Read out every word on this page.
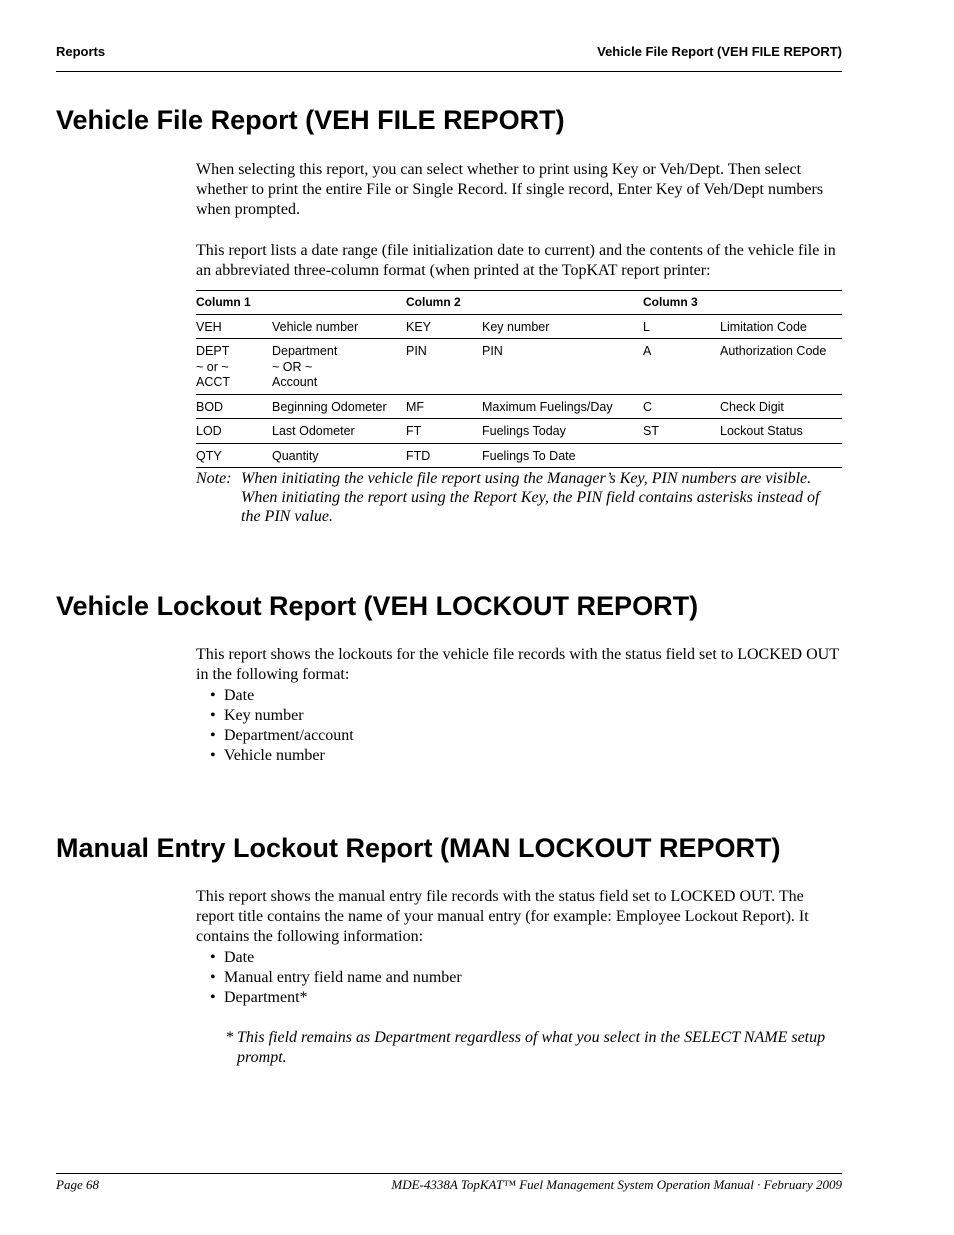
Reports	Vehicle File Report (VEH FILE REPORT)
Vehicle File Report (VEH FILE REPORT)

When selecting this report, you can select whether to print using Key or Veh/Dept. Then select whether to print the entire File or Single Record. If single record, Enter Key of Veh/Dept numbers when prompted.

This report lists a date range (file initialization date to current) and the contents of the vehicle file in an abbreviated three-column format (when printed at the TopKAT report printer:

Column 1		Column 2		Column 3	
VEH	Vehicle number	KEY	Key number	L	Limitation Code
DEPT
~ or ~
ACCT	Department
~ OR ~
Account	PIN	PIN	A	Authorization Code
BOD	Beginning Odometer	MF	Maximum Fuelings/Day	C	Check Digit
LOD	Last Odometer	FT	Fuelings Today	ST	Lockout Status
QTY	Quantity	FTD	Fuelings To Date		
Note: When initiating the vehicle file report using the Manager’s Key, PIN numbers are visible. When initiating the report using the Report Key, the PIN field contains asterisks instead of the PIN value.
Vehicle Lockout Report (VEH LOCKOUT REPORT)

This report shows the lockouts for the vehicle file records with the status field set to LOCKED OUT in the following format:

• Date
• Key number
• Department/account
• Vehicle number
Manual Entry Lockout Report (MAN LOCKOUT REPORT)

This report shows the manual entry file records with the status field set to LOCKED OUT. The report title contains the name of your manual entry (for example: Employee Lockout Report). It contains the following information:

• Date
• Manual entry field name and number
• Department*
* This field remains as Department regardless of what you select in the SELECT NAME setup prompt.
Page 68	MDE-4338A TopKAT™ Fuel Management System Operation Manual · February 2009
